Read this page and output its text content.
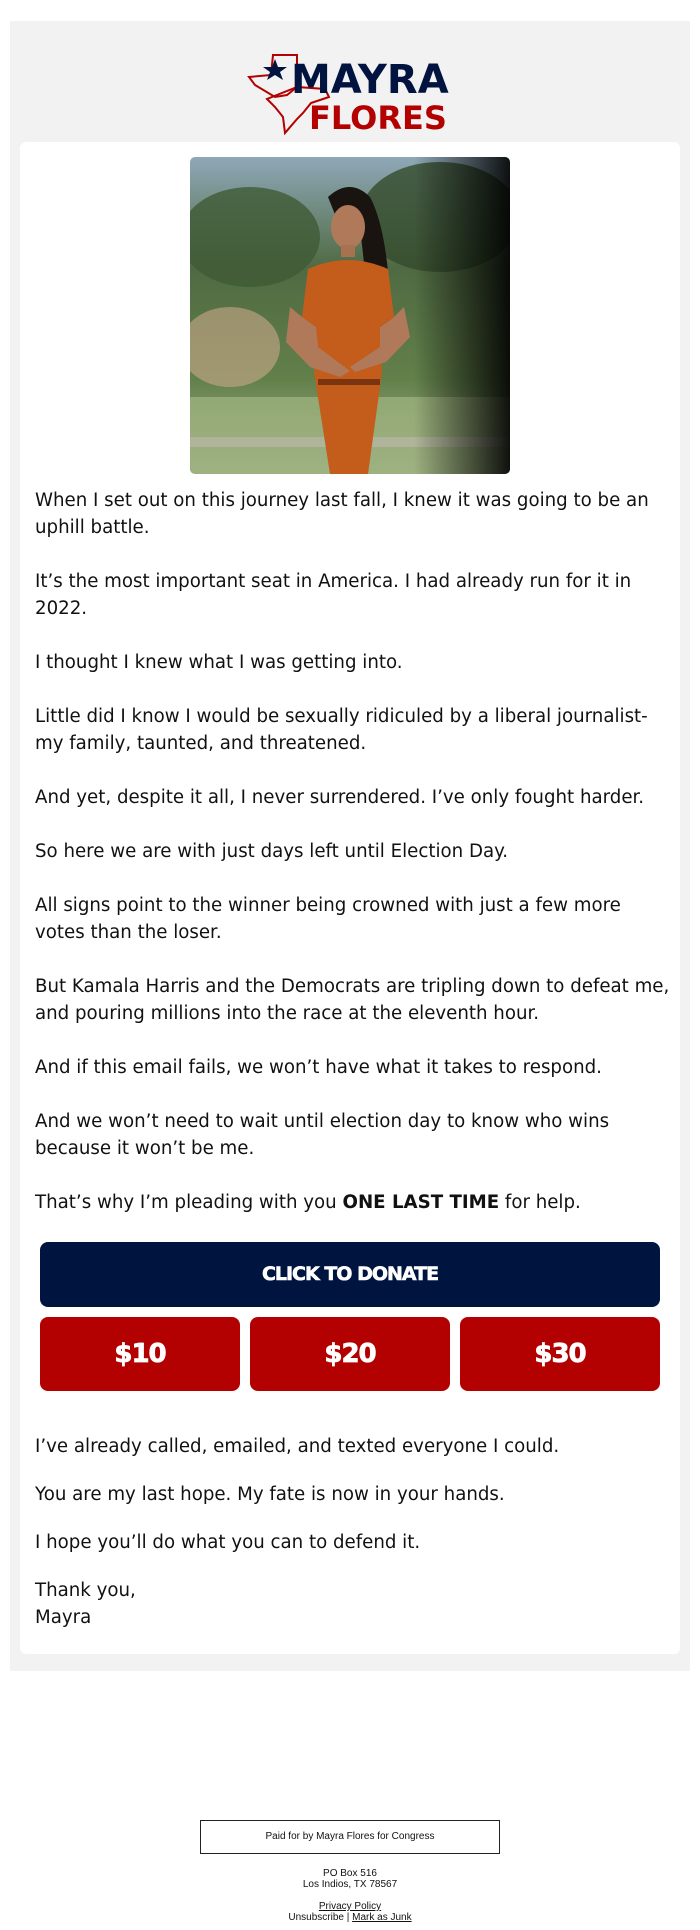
MAYRA
FLORES

When I set out on this journey last fall, I knew it was going to be an uphill battle.

It’s the most important seat in America. I had already run for it in 2022.

I thought I knew what I was getting into.

Little did I know I would be sexually ridiculed by a liberal journalist- my family, taunted, and threatened.

And yet, despite it all, I never surrendered. I’ve only fought harder.

So here we are with just days left until Election Day.

All signs point to the winner being crowned with just a few more votes than the loser.

But Kamala Harris and the Democrats are tripling down to defeat me, and pouring millions into the race at the eleventh hour.

And if this email fails, we won’t have what it takes to respond.

And we won’t need to wait until election day to know who wins because it won’t be me.

That’s why I’m pleading with you ONE LAST TIME for help.

CLICK TO DONATE
$10	$20	$30

I’ve already called, emailed, and texted everyone I could.

You are my last hope. My fate is now in your hands.

I hope you’ll do what you can to defend it.

Thank you,

Mayra

Paid for by Mayra Flores for Congress
PO Box 516
Los Indios, TX 78567
Privacy Policy
Unsubscribe | Mark as Junk
